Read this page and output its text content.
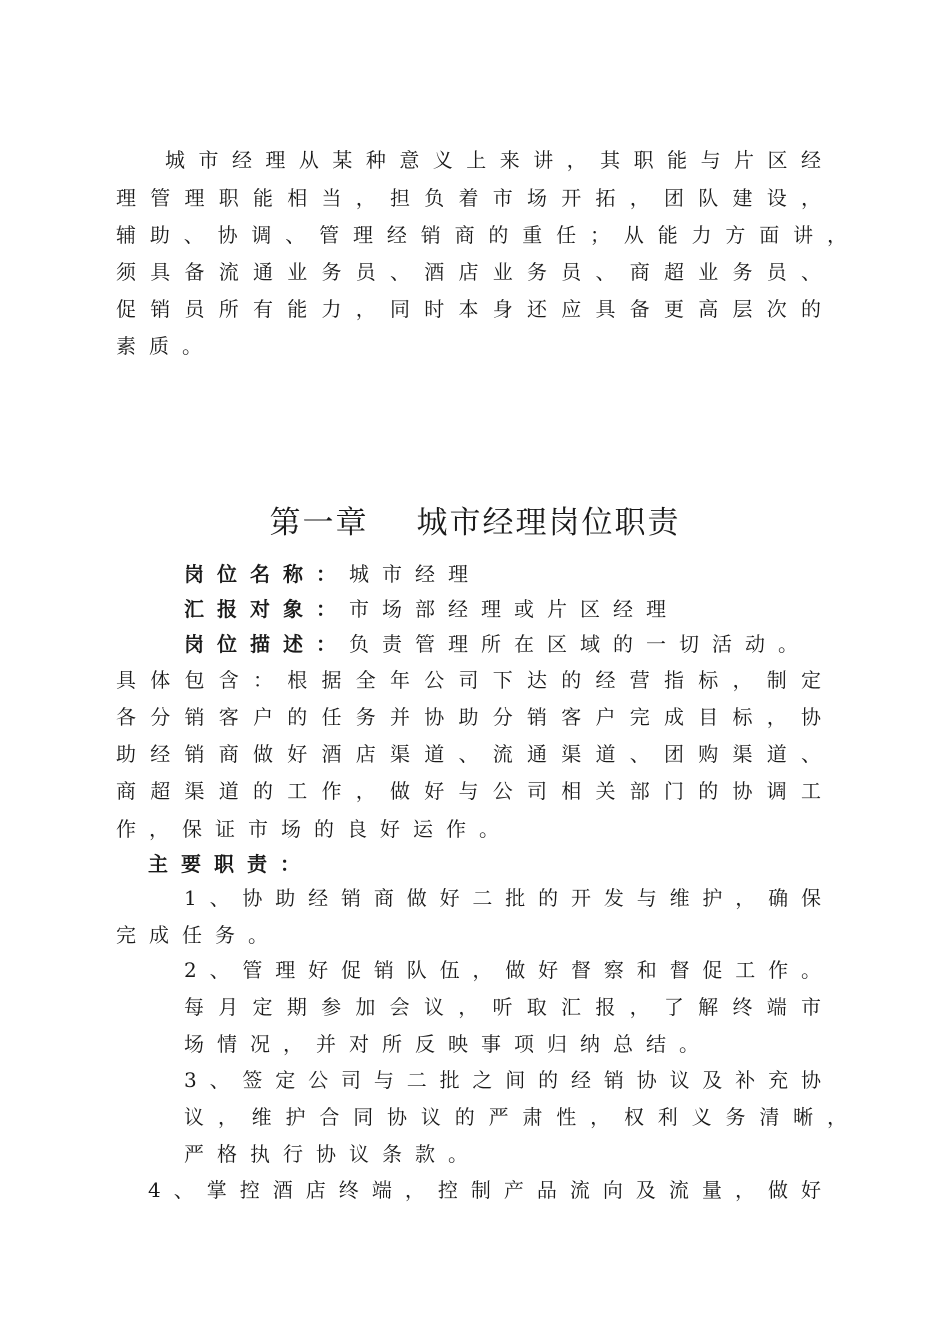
城市经理从某种意义上来讲，其职能与片区经
理管理职能相当，担负着市场开拓，团队建设，
辅助、协调、管理经销商的重任；从能力方面讲，
须具备流通业务员、酒店业务员、商超业务员、
促销员所有能力，同时本身还应具备更高层次的
素质。
第一章 城市经理岗位职责
岗位名称：城市经理
汇报对象：市场部经理或片区经理
岗位描述：负责管理所在区域的一切活动。
具体包含：根据全年公司下达的经营指标，制定
各分销客户的任务并协助分销客户完成目标，协
助经销商做好酒店渠道、流通渠道、团购渠道、
商超渠道的工作，做好与公司相关部门的协调工
作，保证市场的良好运作。
主要职责：
1、协助经销商做好二批的开发与维护，确保
完成任务。
2、管理好促销队伍，做好督察和督促工作。
每月定期参加会议，听取汇报，了解终端市
场情况，并对所反映事项归纳总结。
3、签定公司与二批之间的经销协议及补充协
议，维护合同协议的严肃性，权利义务清晰，
严格执行协议条款。
4、掌控酒店终端，控制产品流向及流量，做好
